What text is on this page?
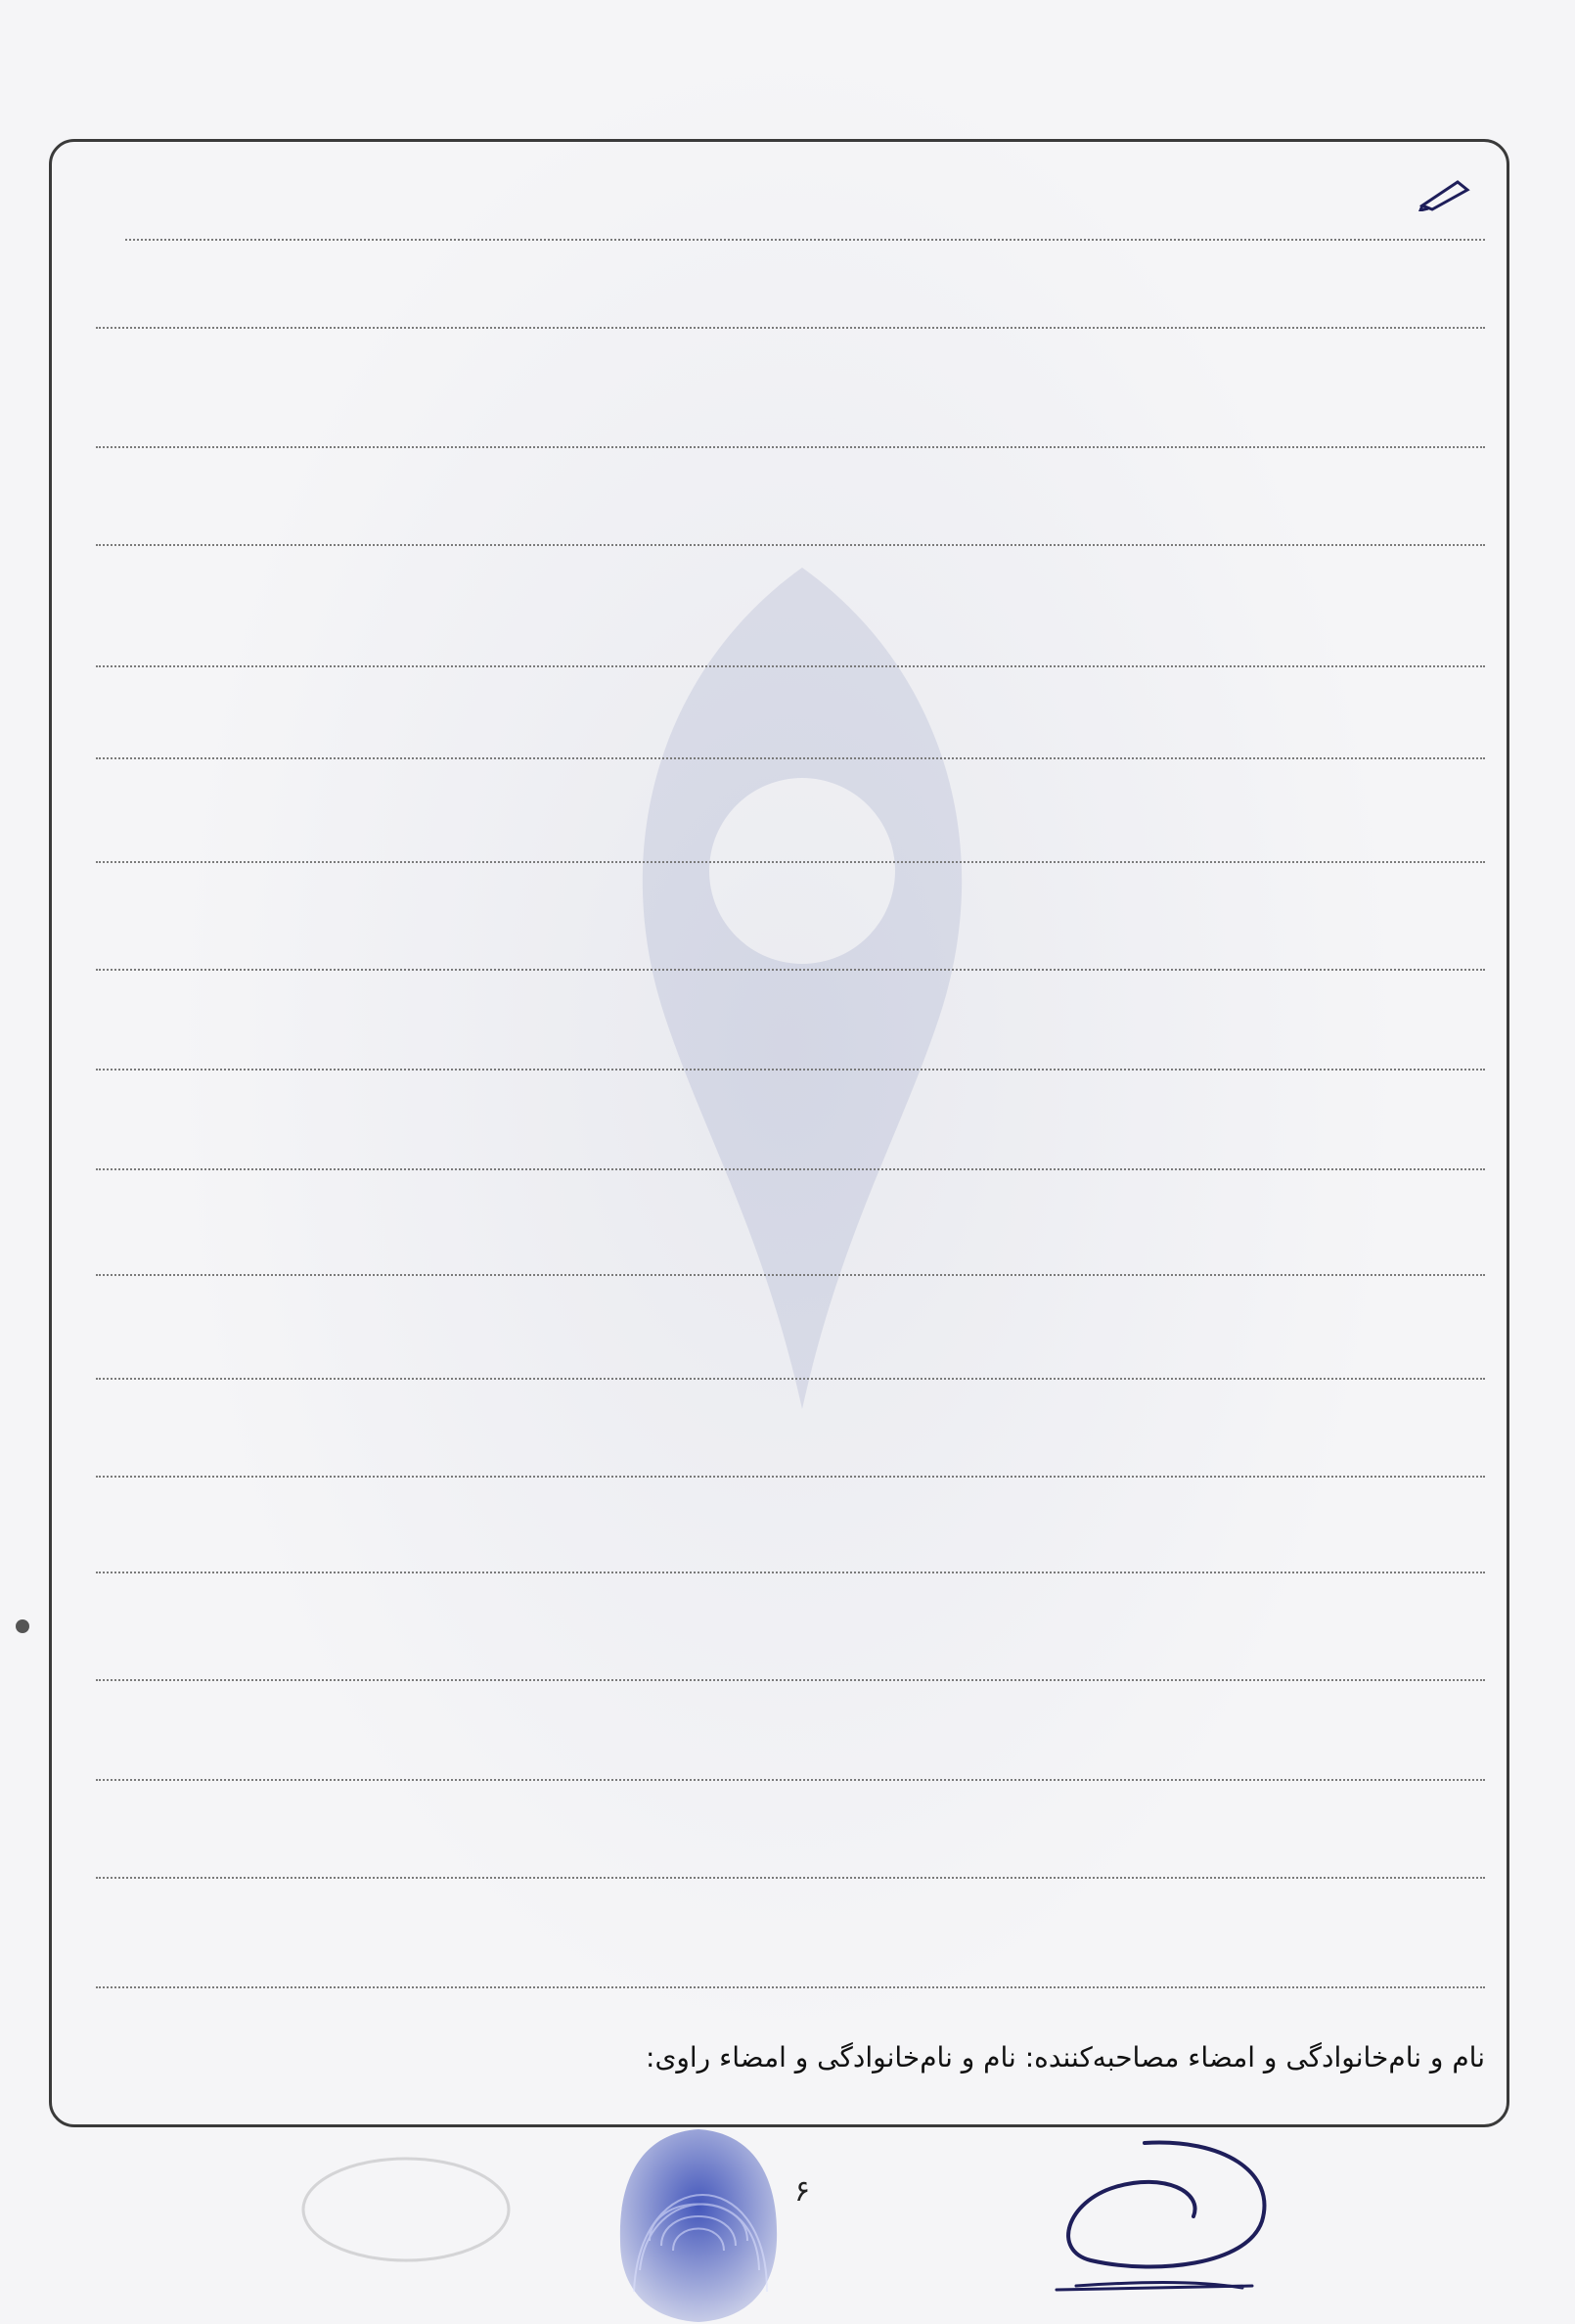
نام و نام‌خانوادگی و امضاء مصاحبه‌کننده: نام و نام‌خانوادگی و امضاء راوی:
۶
